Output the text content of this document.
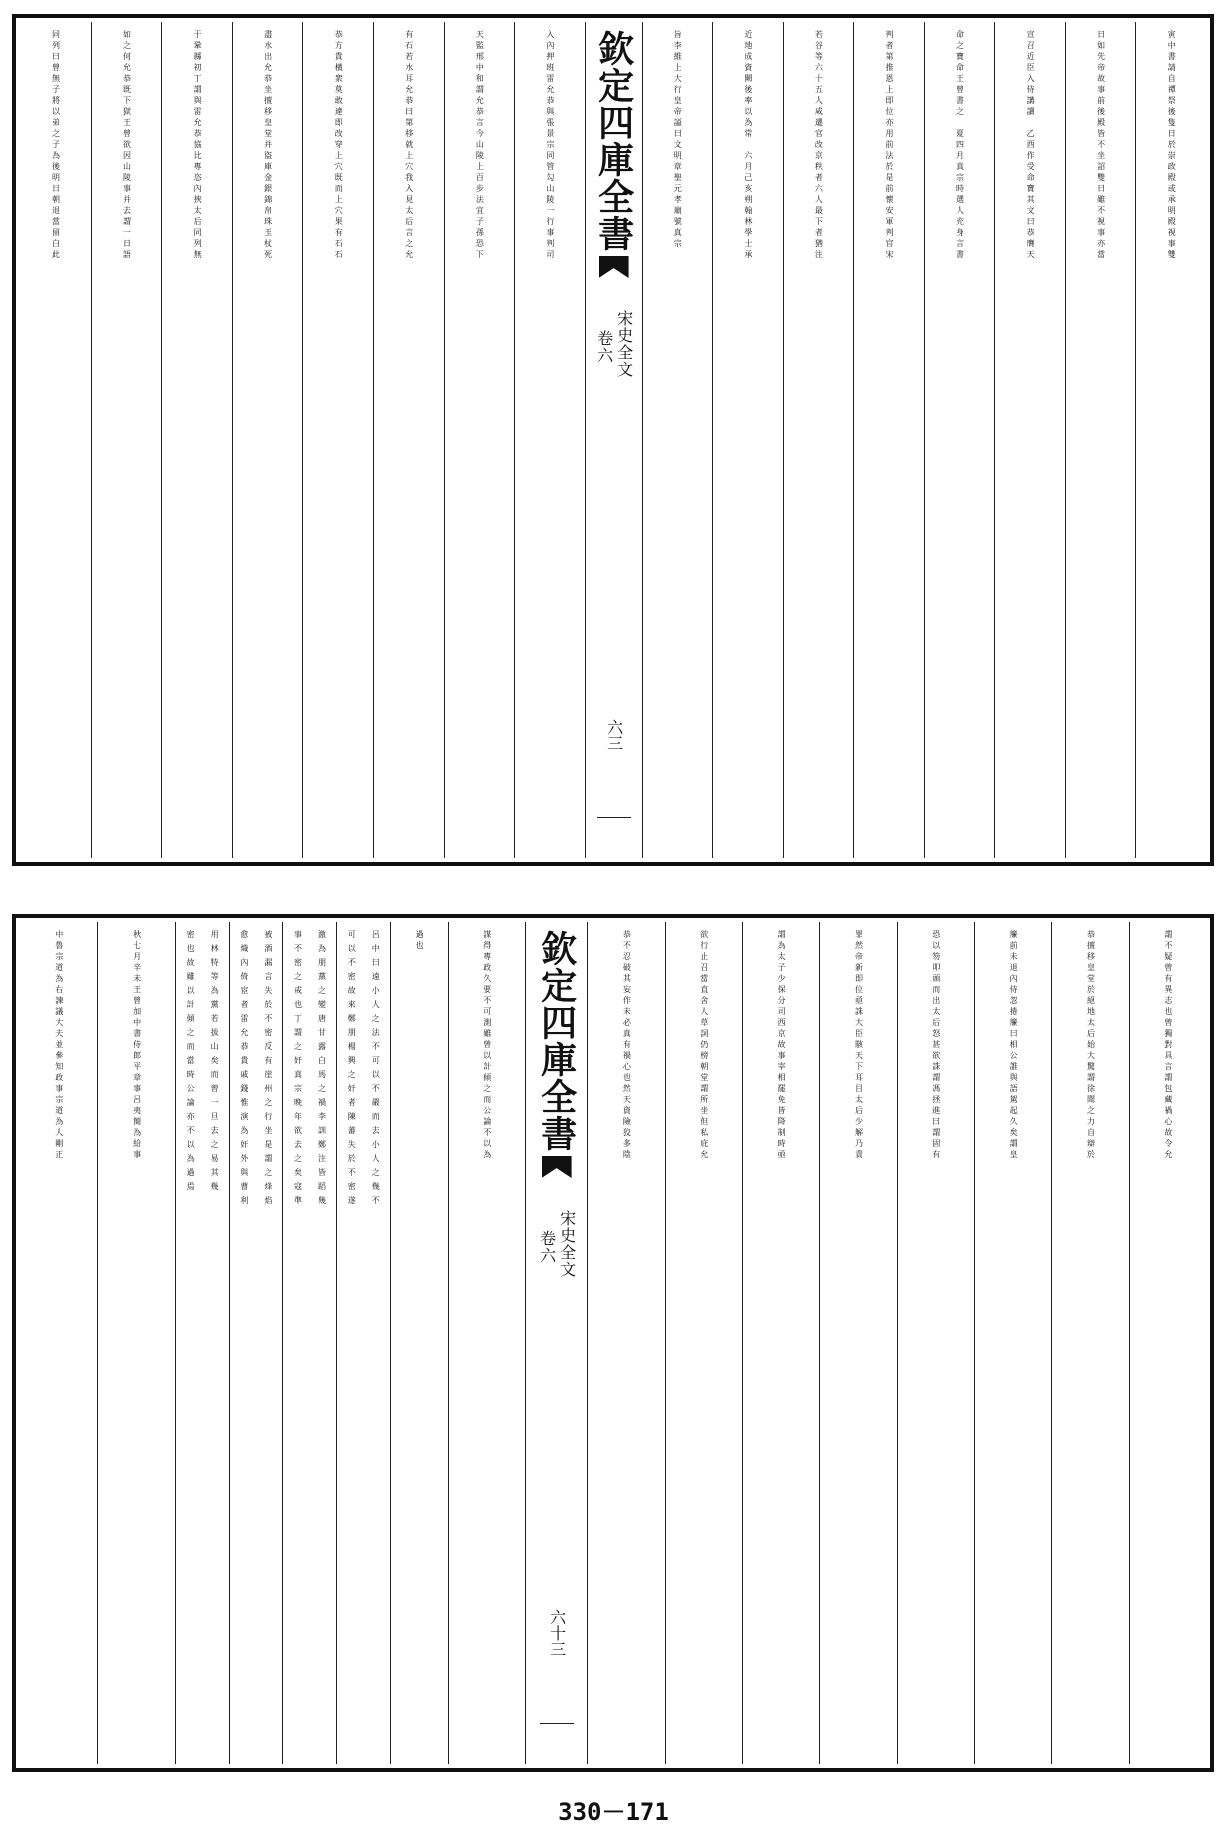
寅中書請自禫祭後隻日於崇政殿或承明殿視事雙
日如先帝故事前後殿皆不坐詔雙日雖不視事亦當
宣召近臣入侍講讀　乙酉作受命寶其文曰恭膺天
命之寶命王曾書之　夏四月真宗時選人充身言書
判者第推恩上即位亦用前法於是前懷安軍判官宋
若谷等六十五人咸遷官改京秩者六人最下者猶注
近地成資闕後率以為常　六月己亥朔翰林學士承
旨李維上大行皇帝謚曰文明章聖元孝廟號真宗
欽定四庫全書
宋史全文
卷六
六三
入內押班雷允恭與張景宗同管勾山陵一行事判司
天監邢中和謂允恭言今山陵上百步法宜子孫恐下
有石若水耳允恭曰第移就上穴我入見太后言之允
恭方貴橫衆莫敢違即改穿上穴既而上穴果有石石
盡水出允恭坐擅移皇堂并盜庫金銀錦帛珠玉杖死
于鞏縣初丁謂與雷允恭協比專恣內挾太后同列無
如之何允恭既下獄王曾欲因山陵事并去謂一日語
同列曰曾無子將以弟之子為後明日朝退當留白此
謂不疑曾有異志也曾獨對具言謂包藏禍心故令允
恭擅移皇堂於絕地太后始大驚謂徐聞之力自辯於
簾前未退內侍忽捲簾曰相公誰與語駕起久矣謂皇
恐以笏叩頭而出太后怒甚欲誅謂馮拯進曰謂固有
罪然帝新即位亟誅大臣駭天下耳目太后少解乃責
謂為太子少保分司西京故事宰相罷免皆降制時亟
欲行止召當直舍人草詞仍榜朝堂謂所坐但私庇允
恭不忍破其妄作未必真有禍心也然天資險狡多陰
欽定四庫全書
宋史全文
卷六
六十三
謀得專政久要不可測雖曾以計傾之而公論不以為
過也
呂中曰遠小人之法不可以不嚴而去小人之幾不
可以不密故來鄭朋楊興之奸者陳蕃失於不密遂
激為朋黨之變唐甘露白馬之禍李訓鄭注皆蹈幾
事不密之戒也丁謂之奸真宗晚年欲去之矣寇準
被酒漏言失於不密反有崖州之行坐是謂之烽焰
愈熾內倚宦者雷允恭貴戚錢惟演為奸外與曹利
用林特等為黨若拔山矣而曾一旦去之易其幾
密也故雖以計傾之而當時公論亦不以為過焉
秋七月辛未王曾加中書侍郎平章事呂夷簡為給事
中魯宗道為右諫議大夫並參知政事宗道為人剛正
330－171
